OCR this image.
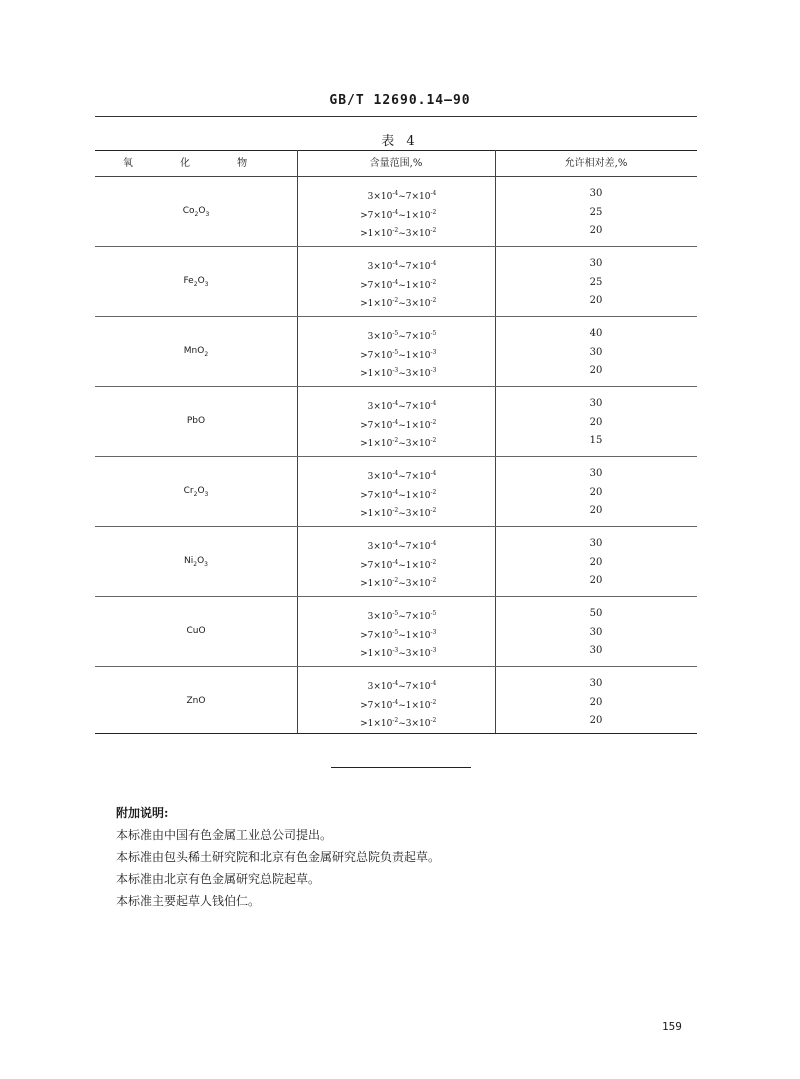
GB/T 12690.14—90
表 4
氧 化 物	含量范围,%	允许相对差,%
$Co_2O_3$
$3\times 10^{-4}\sim 7\times 10^{-4}$	30
$>7\times 10^{-4}\sim 1\times 10^{-2}$	25
$>1\times 10^{-2}\sim 3\times 10^{-2}$	20
$Fe_2O_3$
$3\times 10^{-4}\sim 7\times 10^{-4}$	30
$>7\times 10^{-4}\sim 1\times 10^{-2}$	25
$>1\times 10^{-2}\sim 3\times 10^{-2}$	20
MnO$_2$
$3\times 10^{-5}\sim 7\times 10^{-5}$	40
$>7\times 10^{-5}\sim 1\times 10^{-3}$	30
$>1\times 10^{-3}\sim 3\times 10^{-3}$	20
PbO
$3\times 10^{-4}\sim 7\times 10^{-4}$	30
$>7\times 10^{-4}\sim 1\times 10^{-2}$	20
$>1\times 10^{-2}\sim 3\times 10^{-2}$	15
$Cr_2O_3$
$3\times 10^{-4}\sim 7\times 10^{-4}$	30
$>7\times 10^{-4}\sim 1\times 10^{-2}$	20
$>1\times 10^{-2}\sim 3\times 10^{-2}$	20
$Ni_2O_3$
$3\times 10^{-4}\sim 7\times 10^{-4}$	30
$>7\times 10^{-4}\sim 1\times 10^{-2}$	20
$>1\times 10^{-2}\sim 3\times 10^{-2}$	20
CuO
$3\times 10^{-5}\sim 7\times 10^{-5}$	50
$>7\times 10^{-5}\sim 1\times 10^{-3}$	30
$>1\times 10^{-3}\sim 3\times 10^{-3}$	30
ZnO
$3\times 10^{-4}\sim 7\times 10^{-4}$	30
$>7\times 10^{-4}\sim 1\times 10^{-2}$	20
$>1\times 10^{-2}\sim 3\times 10^{-2}$	20
附加说明:
本标准由中国有色金属工业总公司提出。
本标准由包头稀土研究院和北京有色金属研究总院负责起草。
本标准由北京有色金属研究总院起草。
本标准主要起草人钱伯仁。
159
